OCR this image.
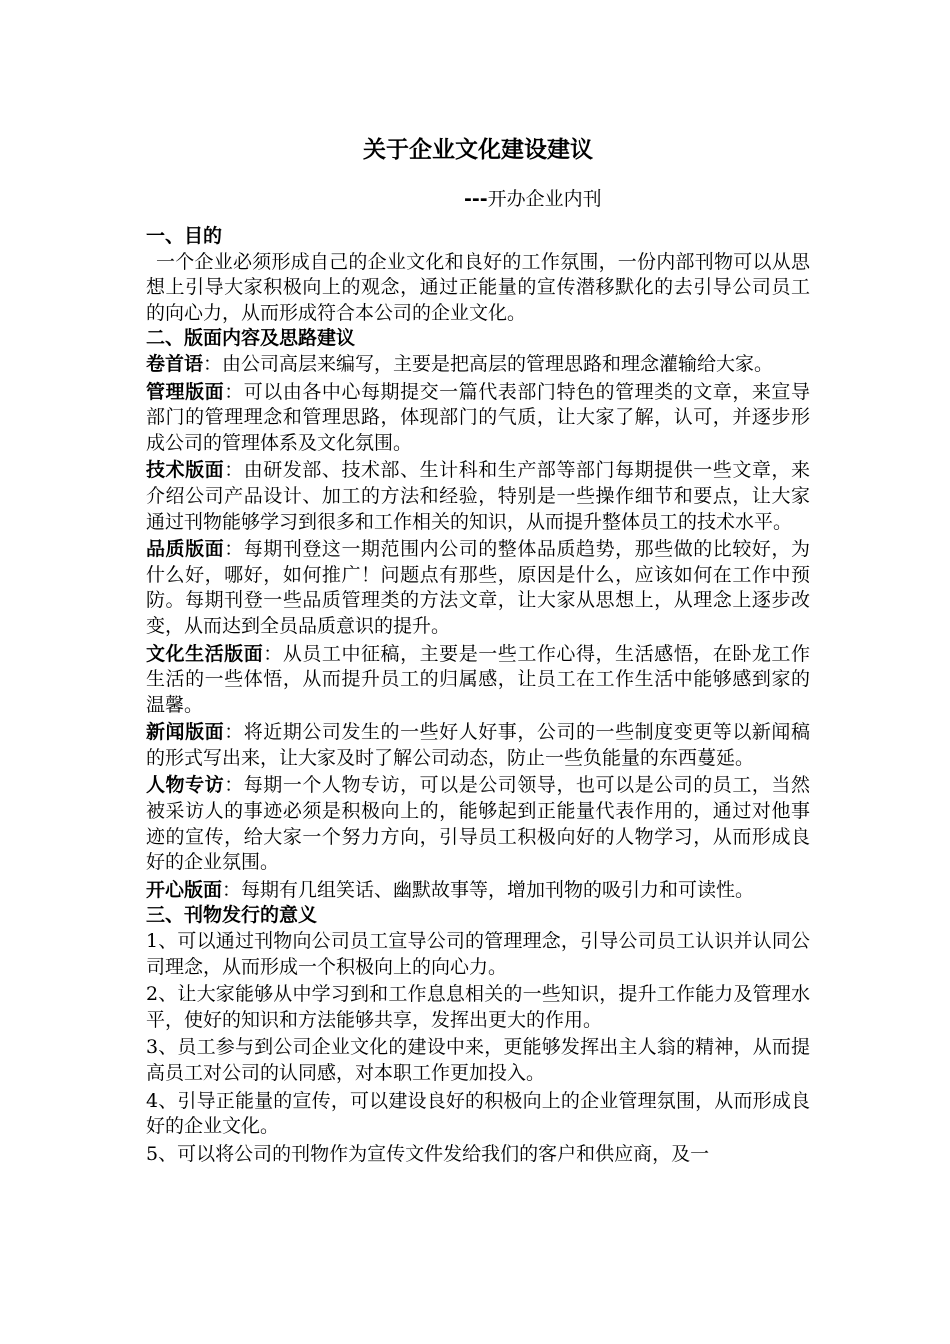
关于企业文化建设建议
---开办企业内刊
一、目的
一个企业必须形成自己的企业文化和良好的工作氛围，一份内部刊物可以从思想上引导大家积极向上的观念，通过正能量的宣传潜移默化的去引导公司员工的向心力，从而形成符合本公司的企业文化。
二、版面内容及思路建议
卷首语：由公司高层来编写，主要是把高层的管理思路和理念灌输给大家。
管理版面：可以由各中心每期提交一篇代表部门特色的管理类的文章，来宣导部门的管理理念和管理思路，体现部门的气质，让大家了解，认可，并逐步形成公司的管理体系及文化氛围。
技术版面：由研发部、技术部、生计科和生产部等部门每期提供一些文章，来介绍公司产品设计、加工的方法和经验，特别是一些操作细节和要点，让大家通过刊物能够学习到很多和工作相关的知识，从而提升整体员工的技术水平。
品质版面：每期刊登这一期范围内公司的整体品质趋势，那些做的比较好，为什么好，哪好，如何推广！问题点有那些，原因是什么，应该如何在工作中预防。每期刊登一些品质管理类的方法文章，让大家从思想上，从理念上逐步改变，从而达到全员品质意识的提升。
文化生活版面：从员工中征稿，主要是一些工作心得，生活感悟，在卧龙工作生活的一些体悟，从而提升员工的归属感，让员工在工作生活中能够感到家的温馨。
新闻版面：将近期公司发生的一些好人好事，公司的一些制度变更等以新闻稿的形式写出来，让大家及时了解公司动态，防止一些负能量的东西蔓延。
人物专访：每期一个人物专访，可以是公司领导，也可以是公司的员工，当然被采访人的事迹必须是积极向上的，能够起到正能量代表作用的，通过对他事迹的宣传，给大家一个努力方向，引导员工积极向好的人物学习，从而形成良好的企业氛围。
开心版面：每期有几组笑话、幽默故事等，增加刊物的吸引力和可读性。
三、刊物发行的意义
1、可以通过刊物向公司员工宣导公司的管理理念，引导公司员工认识并认同公司理念，从而形成一个积极向上的向心力。
2、让大家能够从中学习到和工作息息相关的一些知识，提升工作能力及管理水平，使好的知识和方法能够共享，发挥出更大的作用。
3、员工参与到公司企业文化的建设中来，更能够发挥出主人翁的精神，从而提高员工对公司的认同感，对本职工作更加投入。
4、引导正能量的宣传，可以建设良好的积极向上的企业管理氛围，从而形成良好的企业文化。
5、可以将公司的刊物作为宣传文件发给我们的客户和供应商，及一
